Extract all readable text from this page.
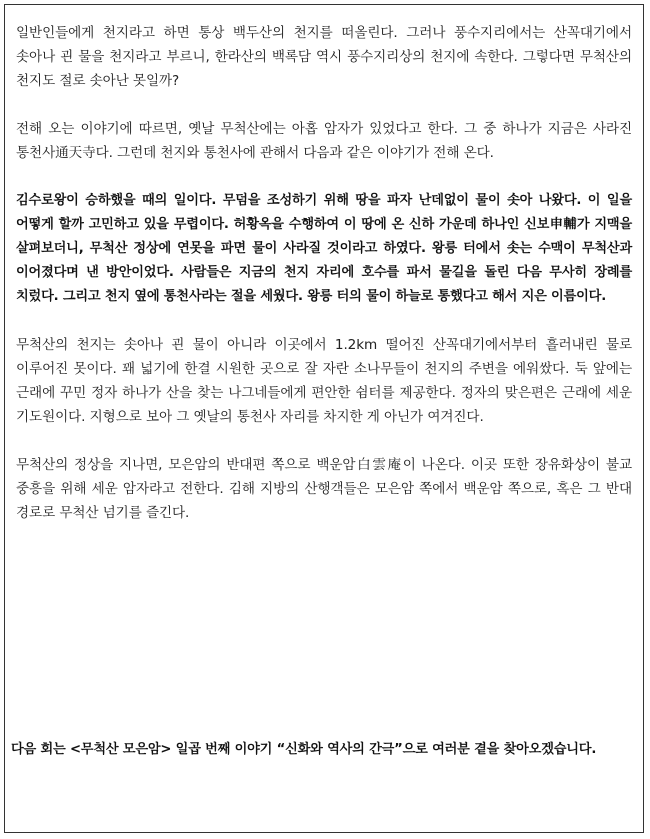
일반인들에게 천지라고 하면 통상 백두산의 천지를 떠올린다. 그러나 풍수지리에서는 산꼭대기에서 솟아나 괸 물을 천지라고 부르니, 한라산의 백록담 역시 풍수지리상의 천지에 속한다. 그렇다면 무척산의 천지도 절로 솟아난 못일까?

전해 오는 이야기에 따르면, 옛날 무척산에는 아홉 암자가 있었다고 한다. 그 중 하나가 지금은 사라진 통천사通天寺다. 그런데 천지와 통천사에 관해서 다음과 같은 이야기가 전해 온다.

김수로왕이 승하했을 때의 일이다. 무덤을 조성하기 위해 땅을 파자 난데없이 물이 솟아 나왔다. 이 일을 어떻게 할까 고민하고 있을 무렵이다. 허황옥을 수행하여 이 땅에 온 신하 가운데 하나인 신보申輔가 지맥을 살펴보더니, 무척산 정상에 연못을 파면 물이 사라질 것이라고 하였다. 왕릉 터에서 솟는 수맥이 무척산과 이어졌다며 낸 방안이었다. 사람들은 지금의 천지 자리에 호수를 파서 물길을 돌린 다음 무사히 장례를 치렀다. 그리고 천지 옆에 통천사라는 절을 세웠다. 왕릉 터의 물이 하늘로 통했다고 해서 지은 이름이다.

무척산의 천지는 솟아나 괸 물이 아니라 이곳에서 1.2km 떨어진 산꼭대기에서부터 흘러내린 물로 이루어진 못이다. 꽤 넓기에 한결 시원한 곳으로 잘 자란 소나무들이 천지의 주변을 에워쌌다. 둑 앞에는 근래에 꾸민 정자 하나가 산을 찾는 나그네들에게 편안한 쉼터를 제공한다. 정자의 맞은편은 근래에 세운 기도원이다. 지형으로 보아 그 옛날의 통천사 자리를 차지한 게 아닌가 여겨진다.

무척산의 정상을 지나면, 모은암의 반대편 쪽으로 백운암白雲庵이 나온다. 이곳 또한 장유화상이 불교 중흥을 위해 세운 암자라고 전한다. 김해 지방의 산행객들은 모은암 쪽에서 백운암 쪽으로, 혹은 그 반대 경로로 무척산 넘기를 즐긴다.

다음 회는 <무척산 모은암> 일곱 번째 이야기 “신화와 역사의 간극”으로 여러분 곁을 찾아오겠습니다.
